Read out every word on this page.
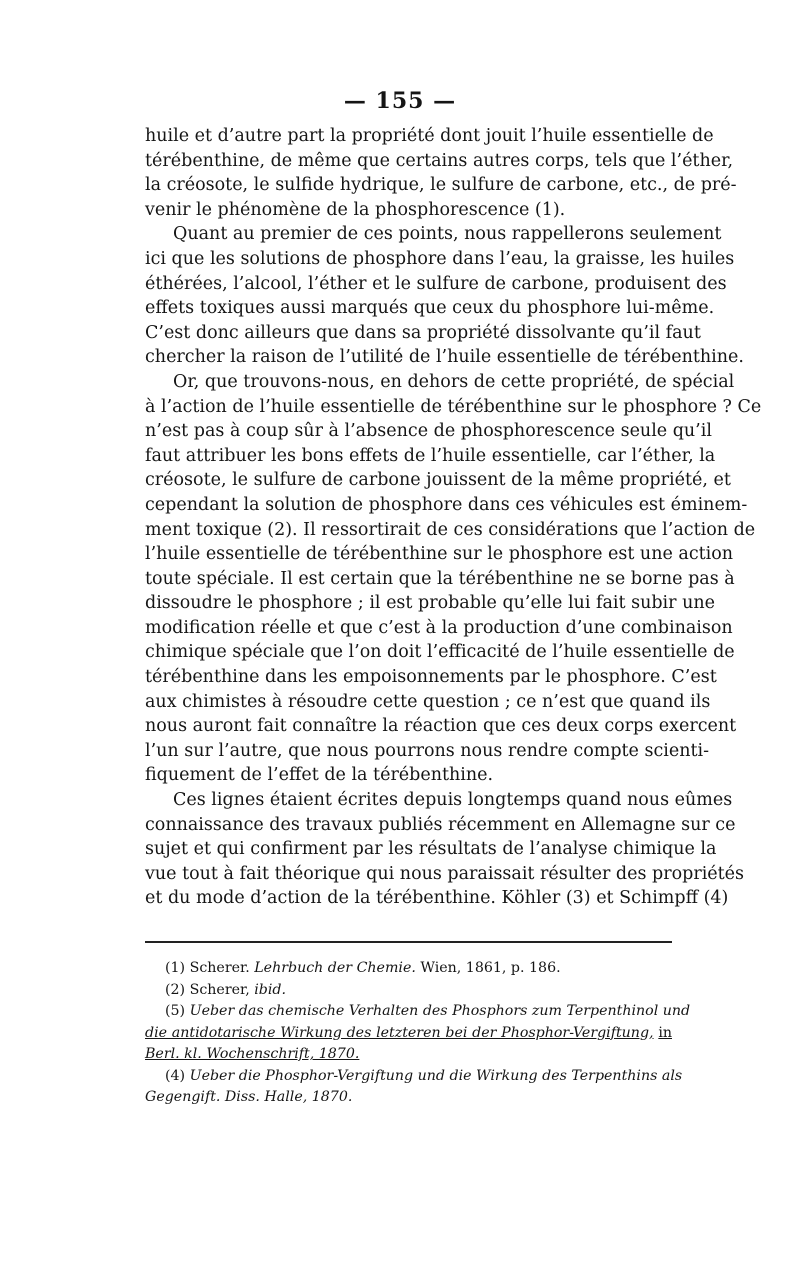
— 155 —
huile et d’autre part la propriété dont jouit l’huile essentielle de
térébenthine, de même que certains autres corps, tels que l’éther,
la créosote, le sulfide hydrique, le sulfure de carbone, etc., de pré-
venir le phénomène de la phosphorescence (1).
Quant au premier de ces points, nous rappellerons seulement
ici que les solutions de phosphore dans l’eau, la graisse, les huiles
éthérées, l’alcool, l’éther et le sulfure de carbone, produisent des
effets toxiques aussi marqués que ceux du phosphore lui-même.
C’est donc ailleurs que dans sa propriété dissolvante qu’il faut
chercher la raison de l’utilité de l’huile essentielle de térébenthine.
Or, que trouvons-nous, en dehors de cette propriété, de spécial
à l’action de l’huile essentielle de térébenthine sur le phosphore ? Ce
n’est pas à coup sûr à l’absence de phosphorescence seule qu’il
faut attribuer les bons effets de l’huile essentielle, car l’éther, la
créosote, le sulfure de carbone jouissent de la même propriété, et
cependant la solution de phosphore dans ces véhicules est éminem-
ment toxique (2). Il ressortirait de ces considérations que l’action de
l’huile essentielle de térébenthine sur le phosphore est une action
toute spéciale. Il est certain que la térébenthine ne se borne pas à
dissoudre le phosphore ; il est probable qu’elle lui fait subir une
modification réelle et que c’est à la production d’une combinaison
chimique spéciale que l’on doit l’efficacité de l’huile essentielle de
térébenthine dans les empoisonnements par le phosphore. C’est
aux chimistes à résoudre cette question ; ce n’est que quand ils
nous auront fait connaître la réaction que ces deux corps exercent
l’un sur l’autre, que nous pourrons nous rendre compte scienti-
fiquement de l’effet de la térébenthine.
Ces lignes étaient écrites depuis longtemps quand nous eûmes
connaissance des travaux publiés récemment en Allemagne sur ce
sujet et qui confirment par les résultats de l’analyse chimique la
vue tout à fait théorique qui nous paraissait résulter des propriétés
et du mode d’action de la térébenthine. Köhler (3) et Schimpff (4)
(1) Scherer. Lehrbuch der Chemie. Wien, 1861, p. 186.
(2) Scherer, ibid.
(5) Ueber das chemische Verhalten des Phosphors zum Terpenthinol und
die antidotarische Wirkung des letzteren bei der Phosphor-Vergiftung, in
Berl. kl. Wochenschrift, 1870.
(4) Ueber die Phosphor-Vergiftung und die Wirkung des Terpenthins als
Gegengift. Diss. Halle, 1870.
